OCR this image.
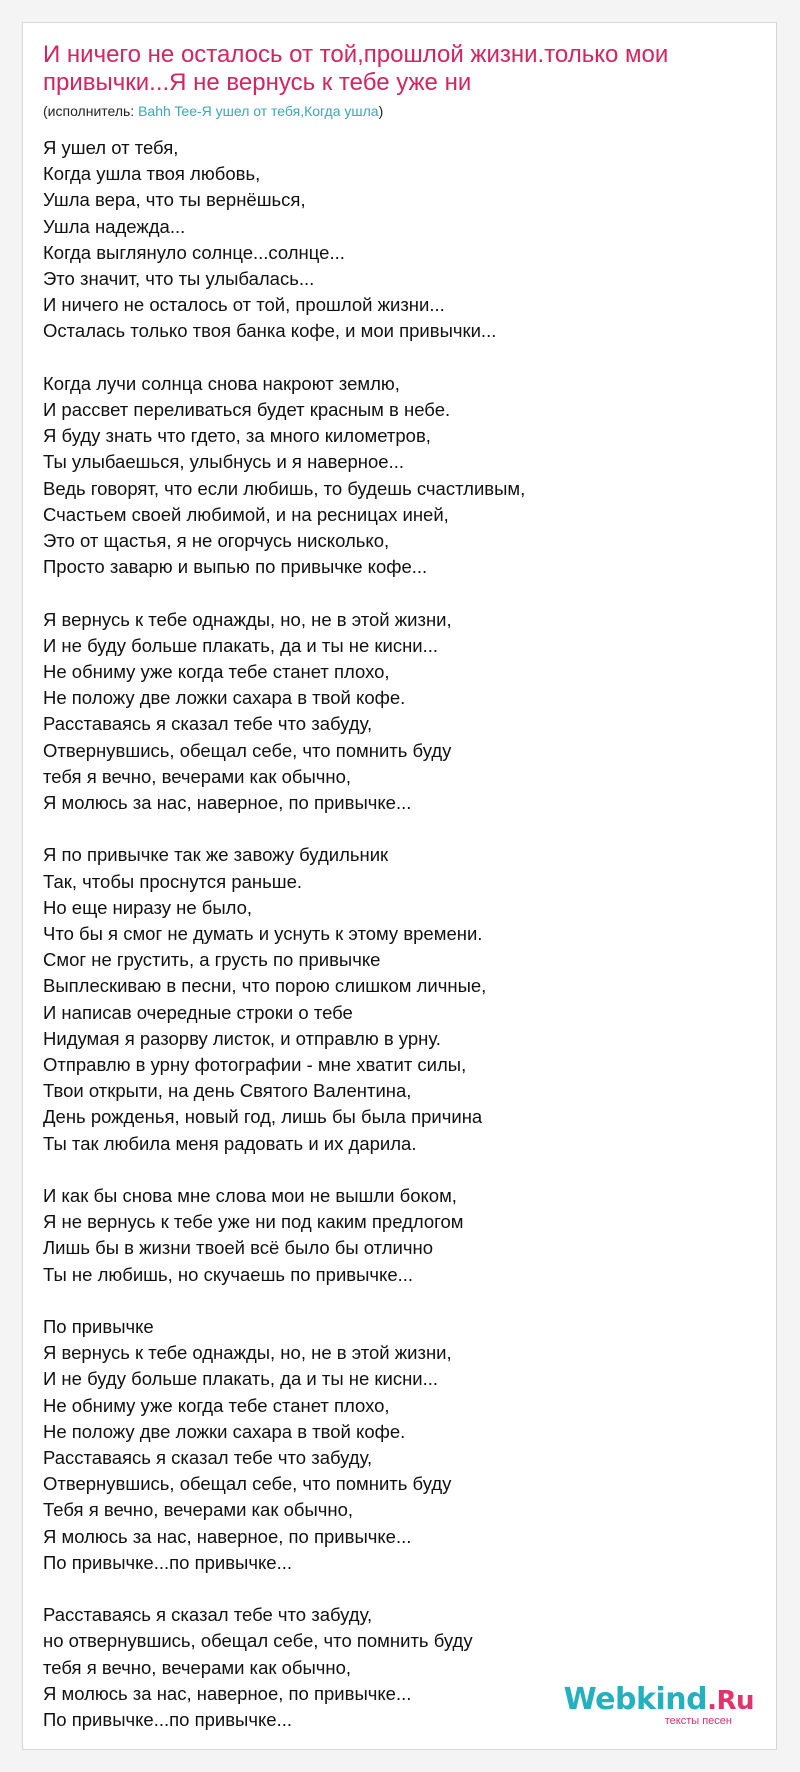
И ничего не осталось от той,прошлой жизни.только мои привычки...Я не вернусь к тебе уже ни
(исполнитель: Bahh Tee-Я ушел от тебя,Когда ушла)
Я ушел от тебя,
Когда ушла твоя любовь,
Ушла вера, что ты вернёшься,
Ушла надежда...
Когда выглянуло солнце...солнце...
Это значит, что ты улыбалась...
И ничего не осталось от той, прошлой жизни...
Осталась только твоя банка кофе, и мои привычки...
Когда лучи солнца снова накроют землю,
И рассвет переливаться будет красным в небе.
Я буду знать что гдето, за много километров,
Ты улыбаешься, улыбнусь и я наверное...
Ведь говорят, что если любишь, то будешь счастливым,
Счастьем своей любимой, и на ресницах иней,
Это от щастья, я не огорчусь нисколько,
Просто заварю и выпью по привычке кофе...
Я вернусь к тебе однажды, но, не в этой жизни,
И не буду больше плакать, да и ты не кисни...
Не обниму уже когда тебе станет плохо,
Не положу две ложки сахара в твой кофе.
Расставаясь я сказал тебе что забуду,
Отвернувшись, обещал себе, что помнить буду
тебя я вечно, вечерами как обычно,
Я молюсь за нас, наверное, по привычке...
Я по привычке так же завожу будильник
Так, чтобы проснутся раньше.
Но еще ниразу не было,
Что бы я смог не думать и уснуть к этому времени.
Смог не грустить, а грусть по привычке
Выплескиваю в песни, что порою слишком личные,
И написав очередные строки о тебе
Нидумая я разорву листок, и отправлю в урну.
Отправлю в урну фотографии - мне хватит силы,
Твои открыти, на день Святого Валентина,
День рожденья, новый год, лишь бы была причина
Ты так любила меня радовать и их дарила.
И как бы снова мне слова мои не вышли боком,
Я не вернусь к тебе уже ни под каким предлогом
Лишь бы в жизни твоей всё было бы отлично
Ты не любишь, но скучаешь по привычке...
По привычке
Я вернусь к тебе однажды, но, не в этой жизни,
И не буду больше плакать, да и ты не кисни...
Не обниму уже когда тебе станет плохо,
Не положу две ложки сахара в твой кофе.
Расставаясь я сказал тебе что забуду,
Отвернувшись, обещал себе, что помнить буду
Тебя я вечно, вечерами как обычно,
Я молюсь за нас, наверное, по привычке...
По привычке...по привычке...
Расставаясь я сказал тебе что забуду,
но отвернувшись, обещал себе, что помнить буду
тебя я вечно, вечерами как обычно,
Я молюсь за нас, наверное, по привычке...
По привычке...по привычке...
Webkind.Ru
тексты песен
